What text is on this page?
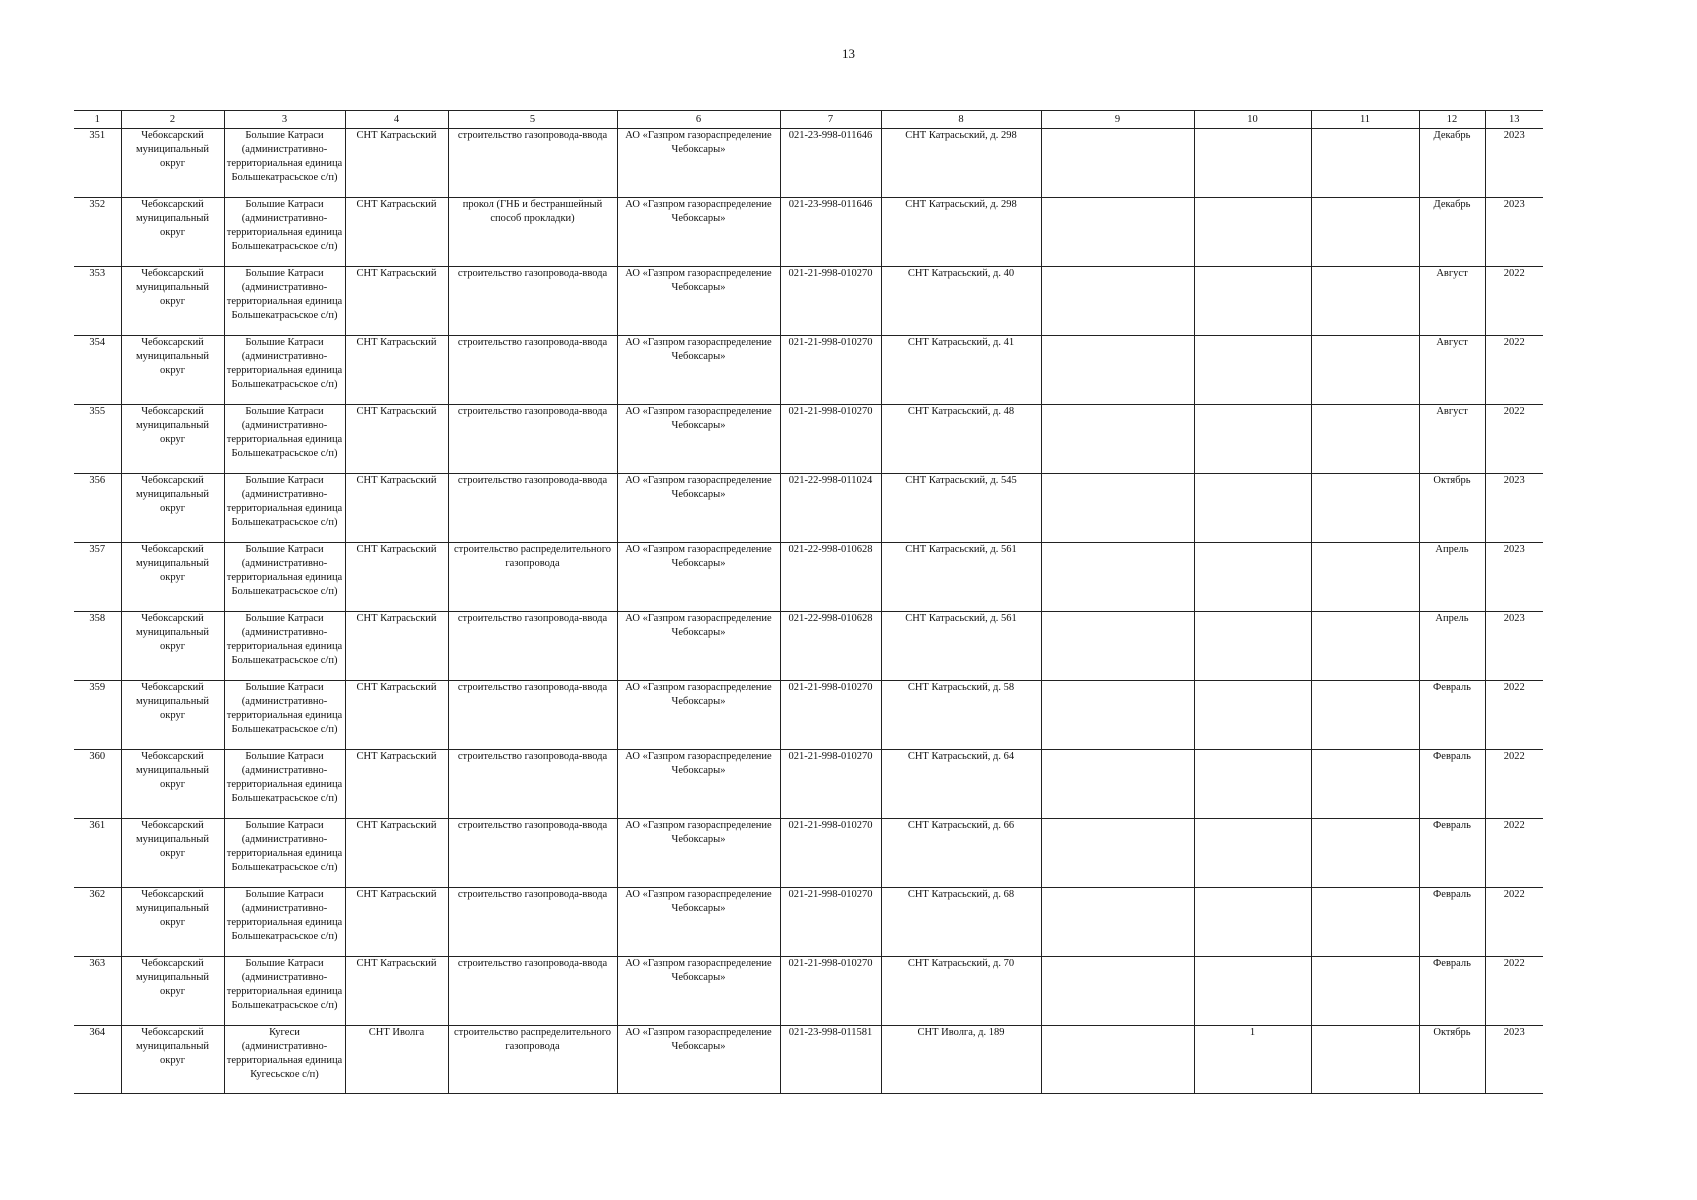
13
1	2	3	4	5	6	7	8	9	10	11	12	13

351	Чебоксарский муниципальный округ	Большие Катраси (административно-территориальная единица Большекатрасьское с/п)	СНТ Катрасьский	строительство газопровода-ввода	АО «Газпром газораспределение Чебоксары»	021-23-998-011646	СНТ Катрасьский, д. 298				Декабрь	2023

352	Чебоксарский муниципальный округ	Большие Катраси (административно-территориальная единица Большекатрасьское с/п)	СНТ Катрасьский	прокол (ГНБ и бестраншейный способ прокладки)	АО «Газпром газораспределение Чебоксары»	021-23-998-011646	СНТ Катрасьский, д. 298				Декабрь	2023

353	Чебоксарский муниципальный округ	Большие Катраси (административно-территориальная единица Большекатрасьское с/п)	СНТ Катрасьский	строительство газопровода-ввода	АО «Газпром газораспределение Чебоксары»	021-21-998-010270	СНТ Катрасьский, д. 40				Август	2022

354	Чебоксарский муниципальный округ	Большие Катраси (административно-территориальная единица Большекатрасьское с/п)	СНТ Катрасьский	строительство газопровода-ввода	АО «Газпром газораспределение Чебоксары»	021-21-998-010270	СНТ Катрасьский, д. 41				Август	2022

355	Чебоксарский муниципальный округ	Большие Катраси (административно-территориальная единица Большекатрасьское с/п)	СНТ Катрасьский	строительство газопровода-ввода	АО «Газпром газораспределение Чебоксары»	021-21-998-010270	СНТ Катрасьский, д. 48				Август	2022

356	Чебоксарский муниципальный округ	Большие Катраси (административно-территориальная единица Большекатрасьское с/п)	СНТ Катрасьский	строительство газопровода-ввода	АО «Газпром газораспределение Чебоксары»	021-22-998-011024	СНТ Катрасьский, д. 545				Октябрь	2023

357	Чебоксарский муниципальный округ	Большие Катраси (административно-территориальная единица Большекатрасьское с/п)	СНТ Катрасьский	строительство распределительного газопровода	АО «Газпром газораспределение Чебоксары»	021-22-998-010628	СНТ Катрасьский, д. 561				Апрель	2023

358	Чебоксарский муниципальный округ	Большие Катраси (административно-территориальная единица Большекатрасьское с/п)	СНТ Катрасьский	строительство газопровода-ввода	АО «Газпром газораспределение Чебоксары»	021-22-998-010628	СНТ Катрасьский, д. 561				Апрель	2023

359	Чебоксарский муниципальный округ	Большие Катраси (административно-территориальная единица Большекатрасьское с/п)	СНТ Катрасьский	строительство газопровода-ввода	АО «Газпром газораспределение Чебоксары»	021-21-998-010270	СНТ Катрасьский, д. 58				Февраль	2022

360	Чебоксарский муниципальный округ	Большие Катраси (административно-территориальная единица Большекатрасьское с/п)	СНТ Катрасьский	строительство газопровода-ввода	АО «Газпром газораспределение Чебоксары»	021-21-998-010270	СНТ Катрасьский, д. 64				Февраль	2022

361	Чебоксарский муниципальный округ	Большие Катраси (административно-территориальная единица Большекатрасьское с/п)	СНТ Катрасьский	строительство газопровода-ввода	АО «Газпром газораспределение Чебоксары»	021-21-998-010270	СНТ Катрасьский, д. 66				Февраль	2022

362	Чебоксарский муниципальный округ	Большие Катраси (административно-территориальная единица Большекатрасьское с/п)	СНТ Катрасьский	строительство газопровода-ввода	АО «Газпром газораспределение Чебоксары»	021-21-998-010270	СНТ Катрасьский, д. 68				Февраль	2022

363	Чебоксарский муниципальный округ	Большие Катраси (административно-территориальная единица Большекатрасьское с/п)	СНТ Катрасьский	строительство газопровода-ввода	АО «Газпром газораспределение Чебоксары»	021-21-998-010270	СНТ Катрасьский, д. 70				Февраль	2022

364	Чебоксарский муниципальный округ	Кугеси (административно-территориальная единица Кугесьское с/п)	СНТ Иволга	строительство распределительного газопровода	АО «Газпром газораспределение Чебоксары»	021-23-998-011581	СНТ Иволга, д. 189		1		Октябрь	2023
